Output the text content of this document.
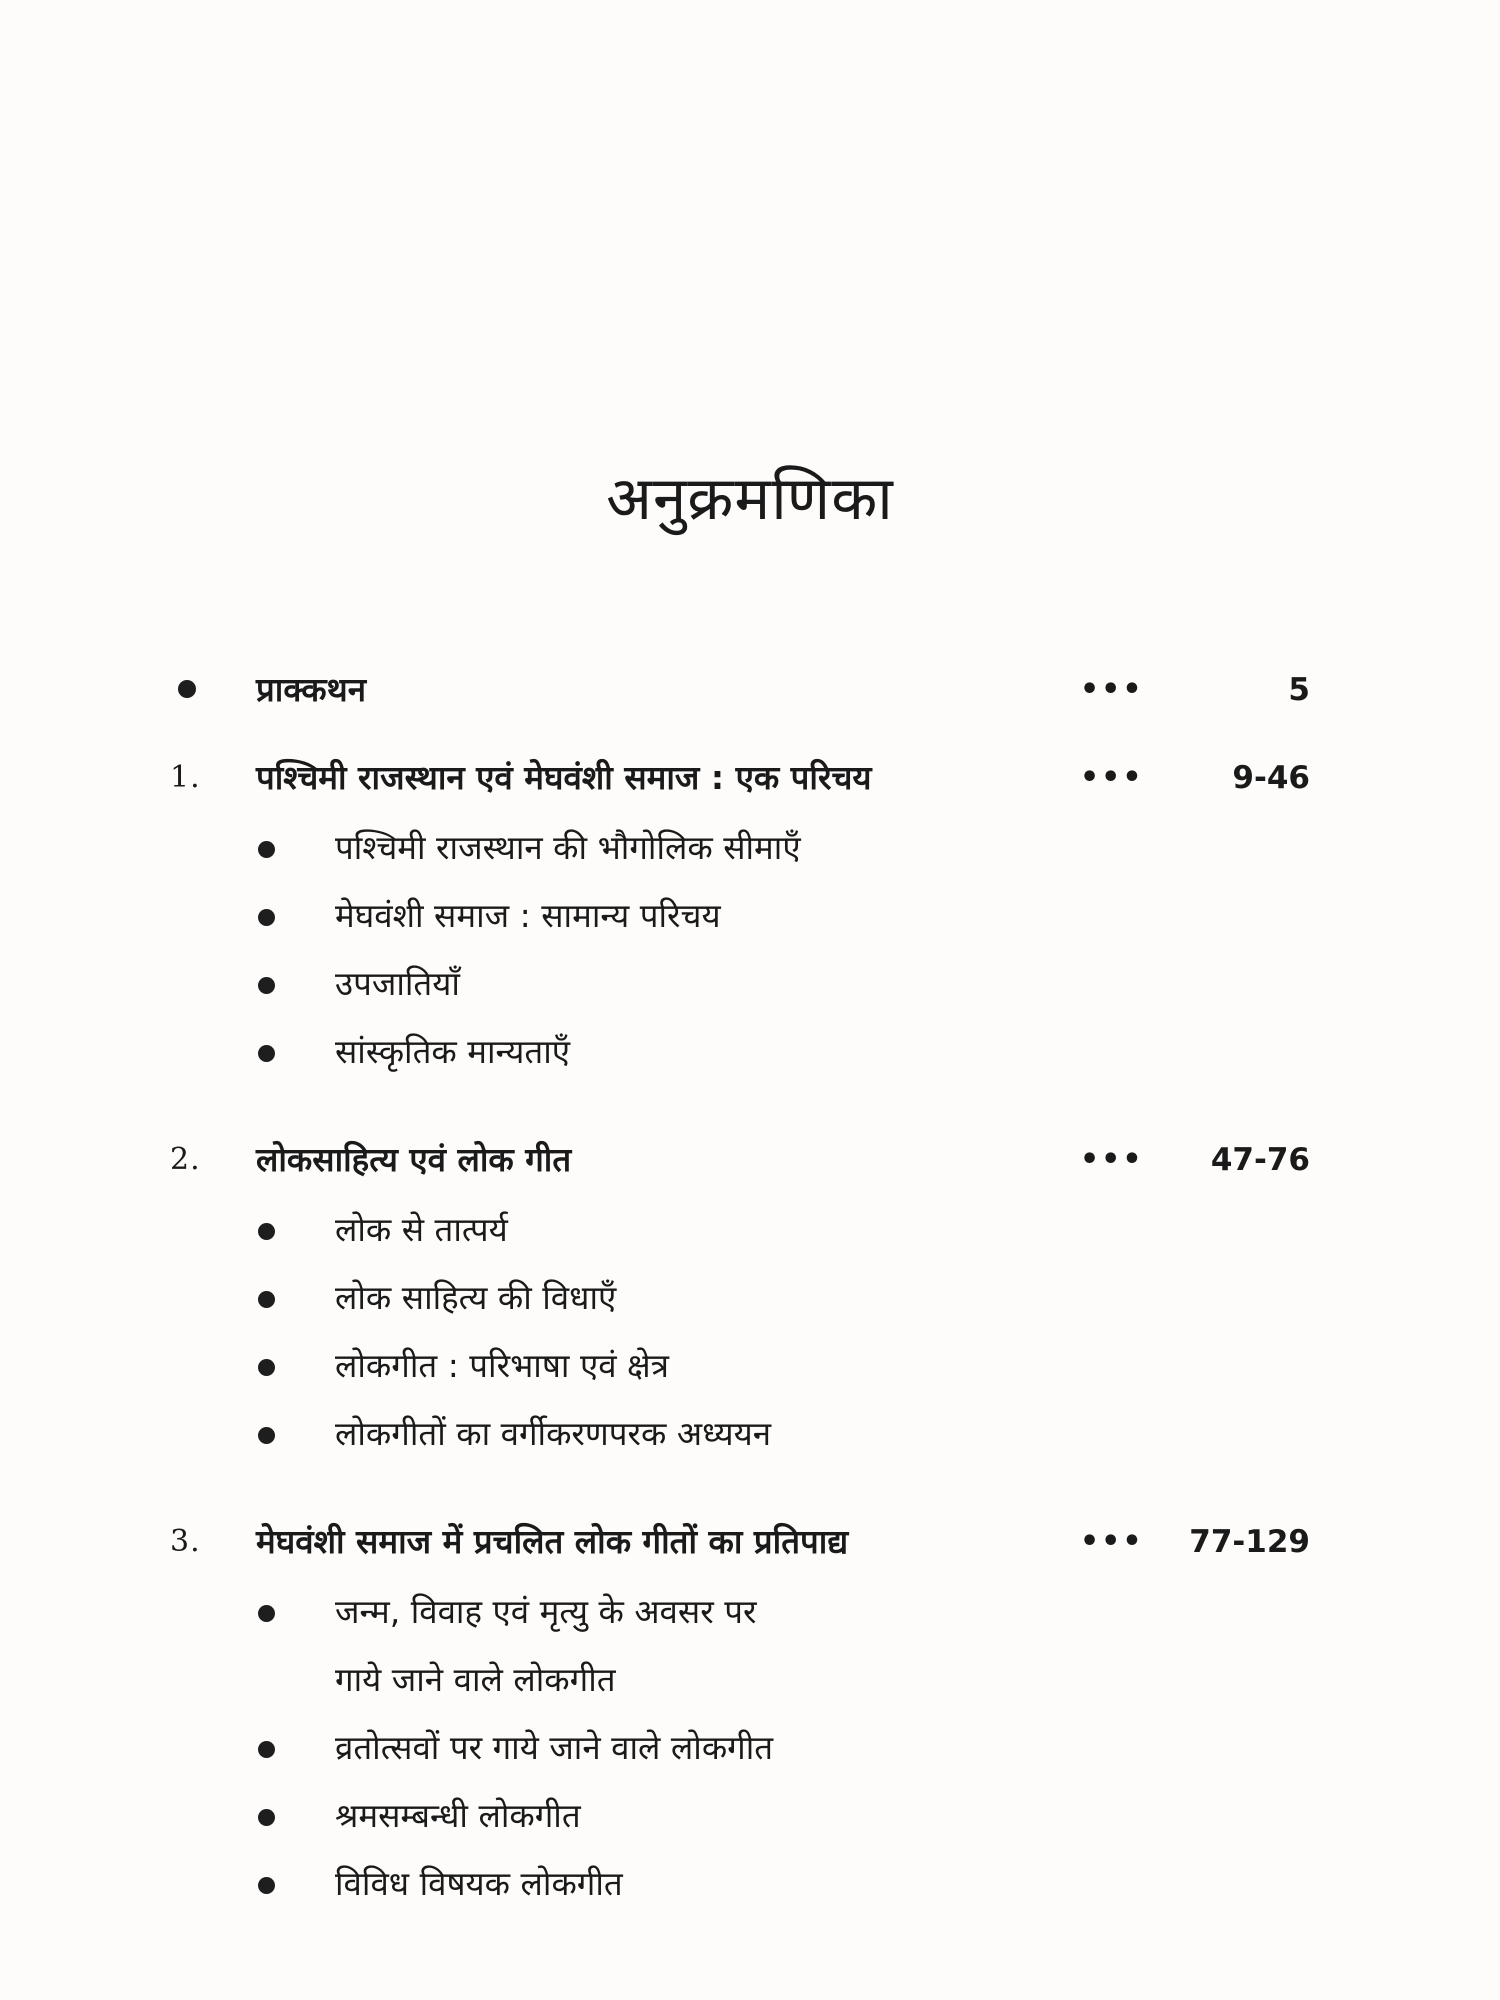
अनुक्रमणिका
प्राक्कथन	•••	5
1.	पश्चिमी राजस्थान एवं मेघवंशी समाज : एक परिचय	•••	9-46
पश्चिमी राजस्थान की भौगोलिक सीमाएँ
मेघवंशी समाज : सामान्य परिचय
उपजातियाँ
सांस्कृतिक मान्यताएँ
2.	लोकसाहित्य एवं लोक गीत	••• 47-76
लोक से तात्पर्य
लोक साहित्य की विधाएँ
लोकगीत : परिभाषा एवं क्षेत्र
लोकगीतों का वर्गीकरणपरक अध्ययन
3.	मेघवंशी समाज में प्रचलित लोक गीतों का प्रतिपाद्य	••• 77-129
जन्म, विवाह एवं मृत्यु के अवसर पर
गाये जाने वाले लोकगीत
व्रतोत्सवों पर गाये जाने वाले लोकगीत
श्रमसम्बन्धी लोकगीत
विविध विषयक लोकगीत
